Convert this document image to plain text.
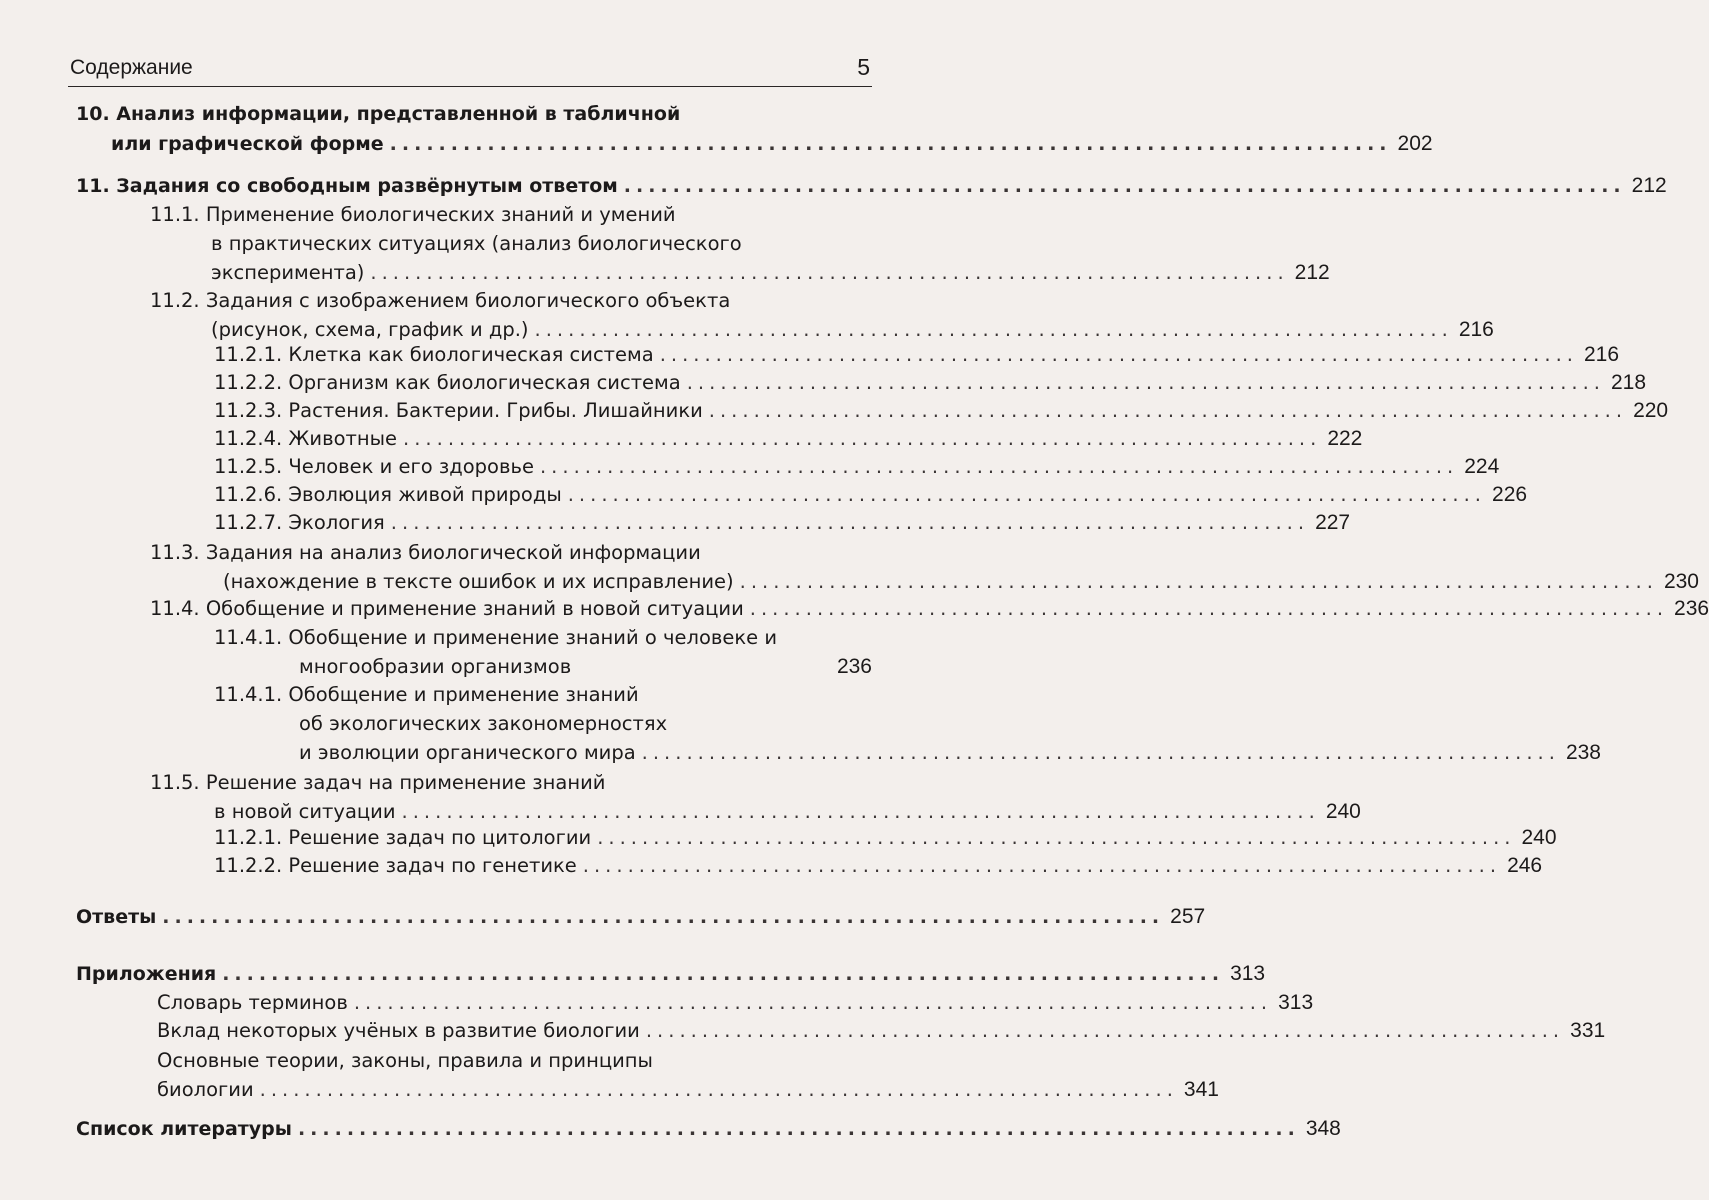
Содержание	5
10. Анализ информации, представленной в табличной
или графической форме .................................................................................. 202
11. Задания со свободным развёрнутым ответом .................................................................................. 212
11.1. Применение биологических знаний и умений
в практических ситуациях (анализ биологического
эксперимента) .................................................................................. 212
11.2. Задания с изображением биологического объекта
(рисунок, схема, график и др.) .................................................................................. 216
11.2.1. Клетка как биологическая система .................................................................................. 216
11.2.2. Организм как биологическая система .................................................................................. 218
11.2.3. Растения. Бактерии. Грибы. Лишайники .................................................................................. 220
11.2.4. Животные .................................................................................. 222
11.2.5. Человек и его здоровье .................................................................................. 224
11.2.6. Эволюция живой природы .................................................................................. 226
11.2.7. Экология .................................................................................. 227
11.3. Задания на анализ биологической информации
(нахождение в тексте ошибок и их исправление) .................................................................................. 230
11.4. Обобщение и применение знаний в новой ситуации .................................................................................. 236
11.4.1. Обобщение и применение знаний о человеке и
многообразии организмов	236
11.4.1. Обобщение и применение знаний
об экологических закономерностях
и эволюции органического мира .................................................................................. 238
11.5. Решение задач на применение знаний
в новой ситуации .................................................................................. 240
11.2.1. Решение задач по цитологии .................................................................................. 240
11.2.2. Решение задач по генетике .................................................................................. 246
Ответы .................................................................................. 257
Приложения .................................................................................. 313
Словарь терминов .................................................................................. 313
Вклад некоторых учёных в развитие биологии .................................................................................. 331
Основные теории, законы, правила и принципы
биологии .................................................................................. 341
Список литературы .................................................................................. 348
